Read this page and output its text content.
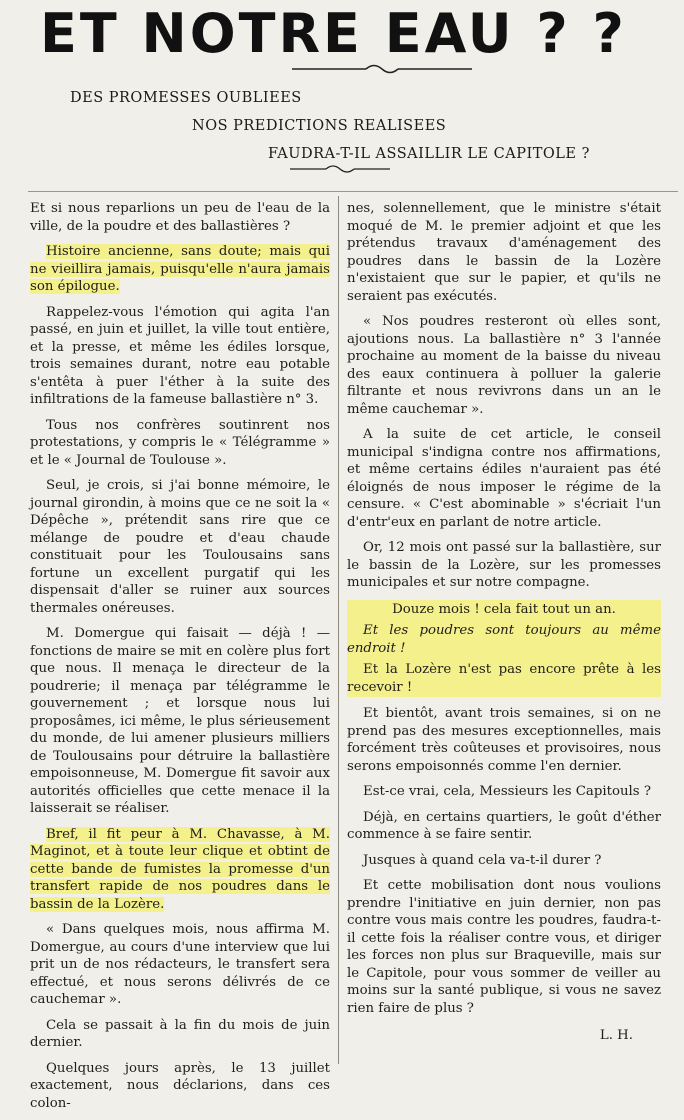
ET NOTRE EAU ? ?
DES PROMESSES OUBLIEES
NOS PREDICTIONS REALISEES
FAUDRA-T-IL ASSAILLIR LE CAPITOLE ?

Et si nous reparlions un peu de l'eau de la ville, de la poudre et des ballastières ?

Histoire ancienne, sans doute; mais qui ne vieillira jamais, puisqu'elle n'aura jamais son épilogue.

Rappelez-vous l'émotion qui agita l'an passé, en juin et juillet, la ville tout entière, et la presse, et même les édiles lorsque, trois semaines durant, notre eau potable s'entêta à puer l'éther à la suite des infiltrations de la fameuse ballastière n° 3.

Tous nos confrères soutinrent nos protestations, y compris le « Télégramme » et le « Journal de Toulouse ».

Seul, je crois, si j'ai bonne mémoire, le journal girondin, à moins que ce ne soit la « Dépêche », prétendit sans rire que ce mélange de poudre et d'eau chaude constituait pour les Toulousains sans fortune un excellent purgatif qui les dispensait d'aller se ruiner aux sources thermales onéreuses.

M. Domergue qui faisait — déjà ! — fonctions de maire se mit en colère plus fort que nous. Il menaça le directeur de la poudrerie; il menaça par télégramme le gouvernement ; et lorsque nous lui proposâmes, ici même, le plus sérieusement du monde, de lui amener plusieurs milliers de Toulousains pour détruire la ballastière empoisonneuse, M. Domergue fit savoir aux autorités officielles que cette menace il la laisserait se réaliser.

Bref, il fit peur à M. Chavasse, à M. Maginot, et à toute leur clique et obtint de cette bande de fumistes la promesse d'un transfert rapide de nos poudres dans le bassin de la Lozère.

« Dans quelques mois, nous affirma M. Domergue, au cours d'une interview que lui prit un de nos rédacteurs, le transfert sera effectué, et nous serons délivrés de ce cauchemar ».

Cela se passait à la fin du mois de juin dernier.

Quelques jours après, le 13 juillet exactement, nous déclarions, dans ces colon-

nes, solennellement, que le ministre s'était moqué de M. le premier adjoint et que les prétendus travaux d'aménagement des poudres dans le bassin de la Lozère n'existaient que sur le papier, et qu'ils ne seraient pas exécutés.

« Nos poudres resteront où elles sont, ajoutions nous. La ballastière n° 3 l'année prochaine au moment de la baisse du niveau des eaux continuera à polluer la galerie filtrante et nous revivrons dans un an le même cauchemar ».

A la suite de cet article, le conseil municipal s'indigna contre nos affirmations, et même certains édiles n'auraient pas été éloignés de nous imposer le régime de la censure. « C'est abominable » s'écriait l'un d'entr'eux en parlant de notre article.

Or, 12 mois ont passé sur la ballastière, sur le bassin de la Lozère, sur les promesses municipales et sur notre compagne.

Douze mois ! cela fait tout un an.

Et les poudres sont toujours au même endroit !

Et la Lozère n'est pas encore prête à les recevoir !

Et bientôt, avant trois semaines, si on ne prend pas des mesures exceptionnelles, mais forcément très coûteuses et provisoires, nous serons empoisonnés comme l'en dernier.

Est-ce vrai, cela, Messieurs les Capitouls ?

Déjà, en certains quartiers, le goût d'éther commence à se faire sentir.

Jusques à quand cela va-t-il durer ?

Et cette mobilisation dont nous voulions prendre l'initiative en juin dernier, non pas contre vous mais contre les poudres, faudra-t-il cette fois la réaliser contre vous, et diriger les forces non plus sur Braqueville, mais sur le Capitole, pour vous sommer de veiller au moins sur la santé publique, si vous ne savez rien faire de plus ?

L. H.
